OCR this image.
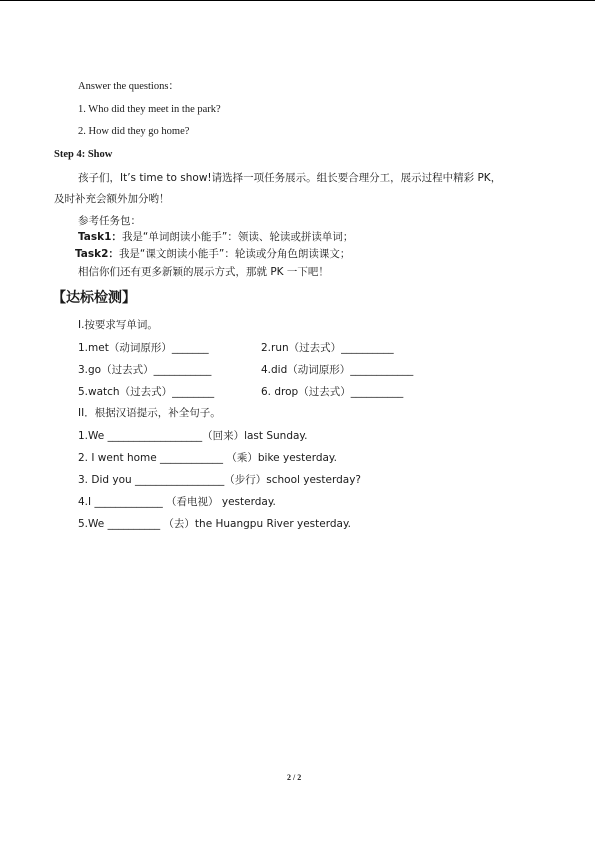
Answer the questions：
1. Who did they meet in the park?
2. How did they go home?
Step 4: Show
孩子们，It’s time to show!请选择一项任务展示。组长要合理分工，展示过程中精彩 PK，
及时补充会额外加分哟！
参考任务包：
Task1：我是“单词朗读小能手”：领读、轮读或拼读单词；
Task2：我是“课文朗读小能手”：轮读或分角色朗读课文；
相信你们还有更多新颖的展示方式，那就 PK 一下吧！
【达标检测】
I.按要求写单词。
1.met（动词原形）_______	2.run（过去式）__________
3.go（过去式）___________	4.did（动词原形）____________
5.watch（过去式）________	6. drop（过去式）__________
II．根据汉语提示，补全句子。
1.We __________________（回来）last Sunday.
2. I went home ____________ （乘）bike yesterday.
3. Did you _________________（步行）school yesterday?
4.I _____________ （看电视） yesterday.
5.We __________ （去）the Huangpu River yesterday.
2 / 2
